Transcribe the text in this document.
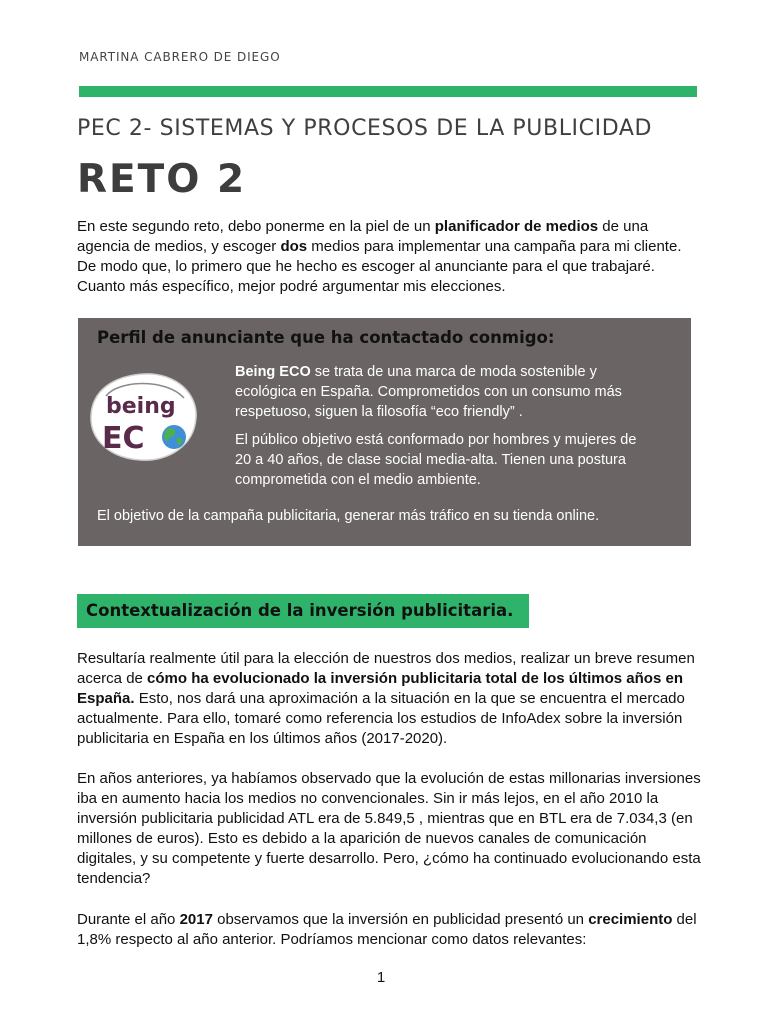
MARTINA CABRERO DE DIEGO
PEC 2- SISTEMAS Y PROCESOS DE LA PUBLICIDAD
RETO 2

En este segundo reto, debo ponerme en la piel de un planificador de medios de una agencia de medios, y escoger dos medios para implementar una campaña para mi cliente. De modo que, lo primero que he hecho es escoger al anunciante para el que trabajaré. Cuanto más específico, mejor podré argumentar mis elecciones.

Perfil de anunciante que ha contactado conmigo:
being
EC

Being ECO se trata de una marca de moda sostenible y ecológica en España. Comprometidos con un consumo más respetuoso, siguen la filosofía “eco friendly” .

El público objetivo está conformado por hombres y mujeres de 20 a 40 años, de clase social media-alta. Tienen una postura comprometida con el medio ambiente.

El objetivo de la campaña publicitaria, generar más tráfico en su tienda online.
Contextualización de la inversión publicitaria.

Resultaría realmente útil para la elección de nuestros dos medios, realizar un breve resumen acerca de cómo ha evolucionado la inversión publicitaria total de los últimos años en España. Esto, nos dará una aproximación a la situación en la que se encuentra el mercado actualmente. Para ello, tomaré como referencia los estudios de InfoAdex sobre la inversión publicitaria en España en los últimos años (2017-2020).

En años anteriores, ya habíamos observado que la evolución de estas millonarias inversiones iba en aumento hacia los medios no convencionales. Sin ir más lejos, en el año 2010 la inversión publicitaria publicidad ATL era de 5.849,5 , mientras que en BTL era de 7.034,3 (en millones de euros). Esto es debido a la aparición de nuevos canales de comunicación digitales, y su competente y fuerte desarrollo. Pero, ¿cómo ha continuado evolucionando esta tendencia?

Durante el año 2017 observamos que la inversión en publicidad presentó un crecimiento del 1,8% respecto al año anterior. Podríamos mencionar como datos relevantes:

1
